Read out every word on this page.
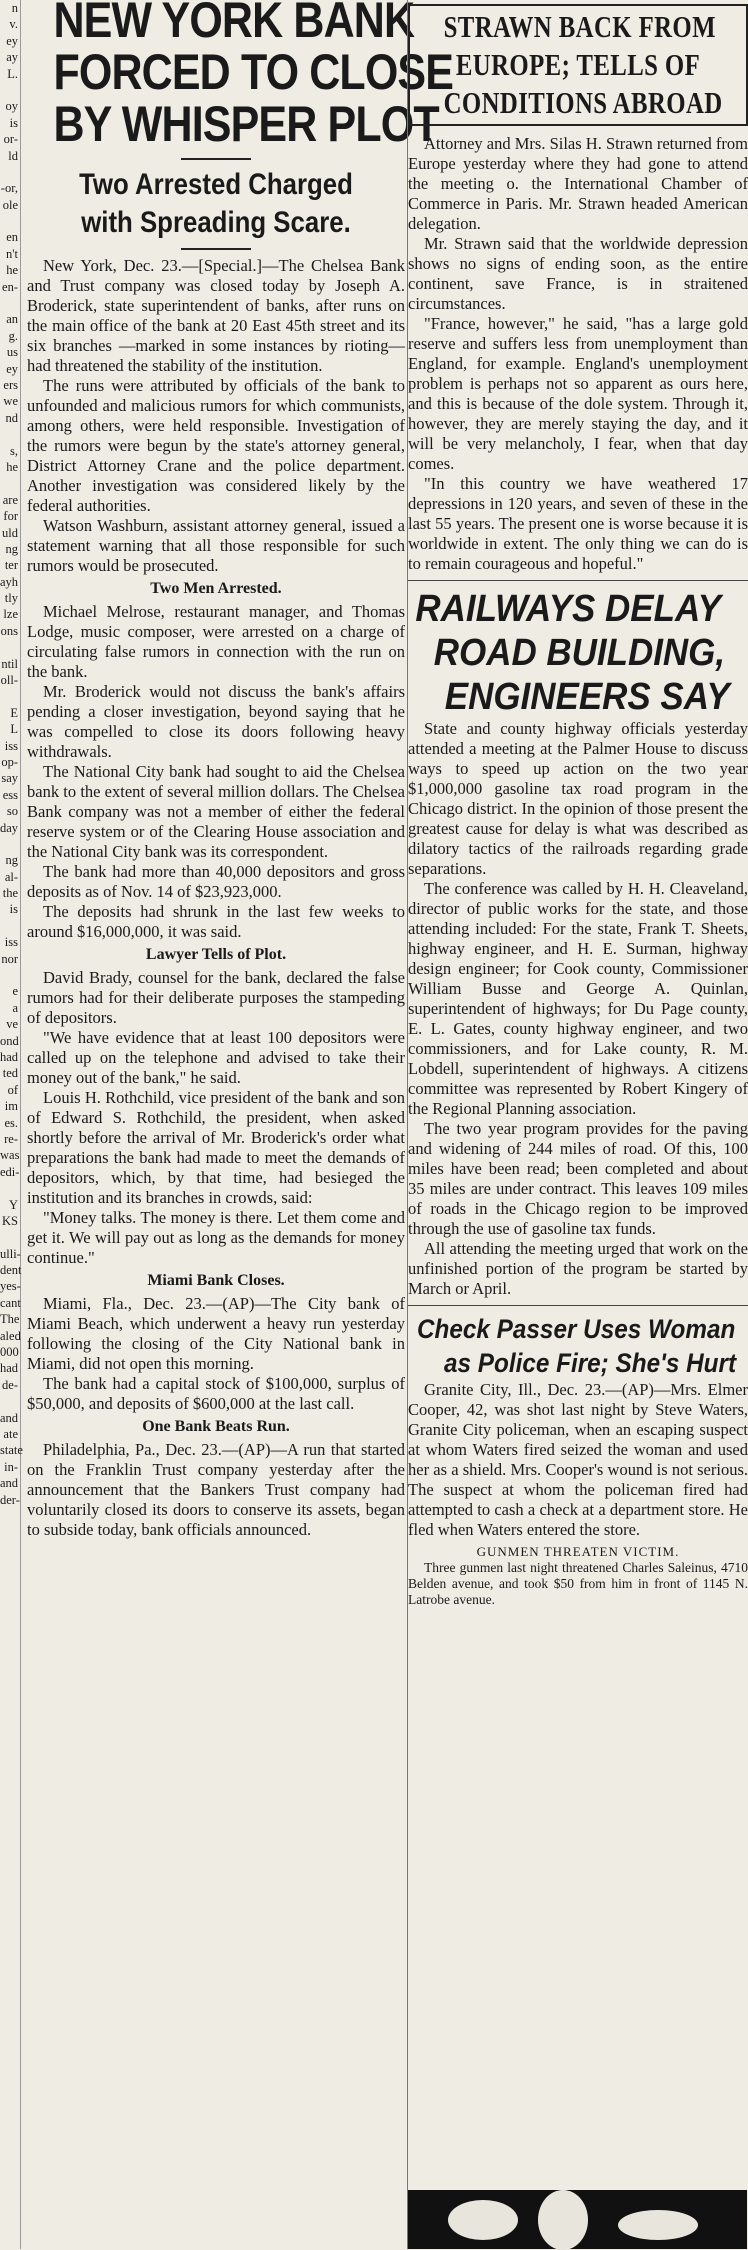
n
v.
ey
ay
L.
oy
is
or-
ld
-or,
ole
en
n't
he
en-
an
g.
us
ey
ers
we
nd
s,
he
are
for
uld
ng
ter
ayh
tly
lze
ons
ntil
oll-
E
L
iss
op-
say
ess
so
day
ng
al-
the
is
iss
nor
e
a
ve
ond
had
ted
of
im
es.
re-
was
edi-
Y
KS
ulli-
dent
yes-
cant
The
aled
000
had
de-
and
ate
state
in-
and
der-
NEW YORK BANK
FORCED TO CLOSE
BY WHISPER PLOT
Two Arrested Charged
with Spreading Scare.

New York, Dec. 23.—[Special.]—The Chelsea Bank and Trust company was closed today by Joseph A. Broderick, state superintendent of banks, after runs on the main office of the bank at 20 East 45th street and its six branches —marked in some instances by rioting—had threatened the stability of the institution.

The runs were attributed by officials of the bank to unfounded and malicious rumors for which communists, among others, were held responsible. Investigation of the rumors were begun by the state's attorney general, District Attorney Crane and the police department. Another investigation was considered likely by the federal authorities.

Watson Washburn, assistant attorney general, issued a statement warning that all those responsible for such rumors would be prosecuted.

Two Men Arrested.

Michael Melrose, restaurant manager, and Thomas Lodge, music composer, were arrested on a charge of circulating false rumors in connection with the run on the bank.

Mr. Broderick would not discuss the bank's affairs pending a closer investigation, beyond saying that he was compelled to close its doors following heavy withdrawals.

The National City bank had sought to aid the Chelsea bank to the extent of several million dollars. The Chelsea Bank company was not a member of either the federal reserve system or of the Clearing House association and the National City bank was its correspondent.

The bank had more than 40,000 depositors and gross deposits as of Nov. 14 of $23,923,000.

The deposits had shrunk in the last few weeks to around $16,000,000, it was said.

Lawyer Tells of Plot.

David Brady, counsel for the bank, declared the false rumors had for their deliberate purposes the stampeding of depositors.

"We have evidence that at least 100 depositors were called up on the telephone and advised to take their money out of the bank," he said.

Louis H. Rothchild, vice president of the bank and son of Edward S. Rothchild, the president, when asked shortly before the arrival of Mr. Broderick's order what preparations the bank had made to meet the demands of depositors, which, by that time, had besieged the institution and its branches in crowds, said:

"Money talks. The money is there. Let them come and get it. We will pay out as long as the demands for money continue."

Miami Bank Closes.

Miami, Fla., Dec. 23.—(AP)—The City bank of Miami Beach, which underwent a heavy run yesterday following the closing of the City National bank in Miami, did not open this morning.

The bank had a capital stock of $100,000, surplus of $50,000, and deposits of $600,000 at the last call.

One Bank Beats Run.

Philadelphia, Pa., Dec. 23.—(AP)—A run that started on the Franklin Trust company yesterday after the announcement that the Bankers Trust company had voluntarily closed its doors to conserve its assets, began to subside today, bank officials announced.

STRAWN BACK FROM
EUROPE; TELLS OF
CONDITIONS ABROAD

Attorney and Mrs. Silas H. Strawn returned from Europe yesterday where they had gone to attend the meeting o. the International Chamber of Commerce in Paris. Mr. Strawn headed American delegation.

Mr. Strawn said that the worldwide depression shows no signs of ending soon, as the entire continent, save France, is in straitened circumstances.

"France, however," he said, "has a large gold reserve and suffers less from unemployment than England, for example. England's unemployment problem is perhaps not so apparent as ours here, and this is because of the dole system. Through it, however, they are merely staying the day, and it will be very melancholy, I fear, when that day comes.

"In this country we have weathered 17 depressions in 120 years, and seven of these in the last 55 years. The present one is worse because it is worldwide in extent. The only thing we can do is to remain courageous and hopeful."

RAILWAYS DELAY
ROAD BUILDING,
ENGINEERS SAY

State and county highway officials yesterday attended a meeting at the Palmer House to discuss ways to speed up action on the two year $1,000,000 gasoline tax road program in the Chicago district. In the opinion of those present the greatest cause for delay is what was described as dilatory tactics of the railroads regarding grade separations.

The conference was called by H. H. Cleaveland, director of public works for the state, and those attending included: For the state, Frank T. Sheets, highway engineer, and H. E. Surman, highway design engineer; for Cook county, Commissioner William Busse and George A. Quinlan, superintendent of highways; for Du Page county, E. L. Gates, county highway engineer, and two commissioners, and for Lake county, R. M. Lobdell, superintendent of highways. A citizens committee was represented by Robert Kingery of the Regional Planning association.

The two year program provides for the paving and widening of 244 miles of road. Of this, 100 miles have been read; been completed and about 35 miles are under contract. This leaves 109 miles of roads in the Chicago region to be improved through the use of gasoline tax funds.

All attending the meeting urged that work on the unfinished portion of the program be started by March or April.

Check Passer Uses Woman
as Police Fire; She's Hurt

Granite City, Ill., Dec. 23.—(AP)—Mrs. Elmer Cooper, 42, was shot last night by Steve Waters, Granite City policeman, when an escaping suspect at whom Waters fired seized the woman and used her as a shield. Mrs. Cooper's wound is not serious. The suspect at whom the policeman fired had attempted to cash a check at a department store. He fled when Waters entered the store.

GUNMEN THREATEN VICTIM.

Three gunmen last night threatened Charles Saleinus, 4710 Belden avenue, and took $50 from him in front of 1145 N. Latrobe avenue.
